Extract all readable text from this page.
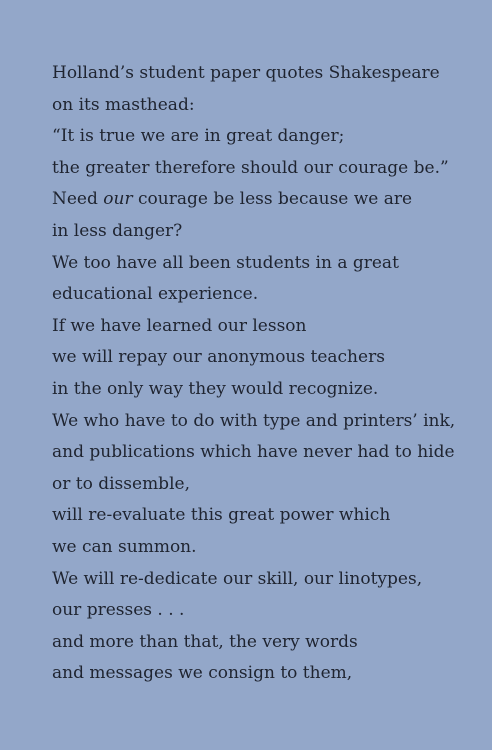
Holland’s student paper quotes Shakespeare
on its masthead:
“It is true we are in great danger;
the greater therefore should our courage be.”
Need our courage be less because we are
in less danger?
We too have all been students in a great
educational experience.
If we have learned our lesson
we will repay our anonymous teachers
in the only way they would recognize.
We who have to do with type and printers’ ink,
and publications which have never had to hide
or to dissemble,
will re-evaluate this great power which
we can summon.
We will re-dedicate our skill, our linotypes,
our presses . . .
and more than that, the very words
and messages we consign to them,
